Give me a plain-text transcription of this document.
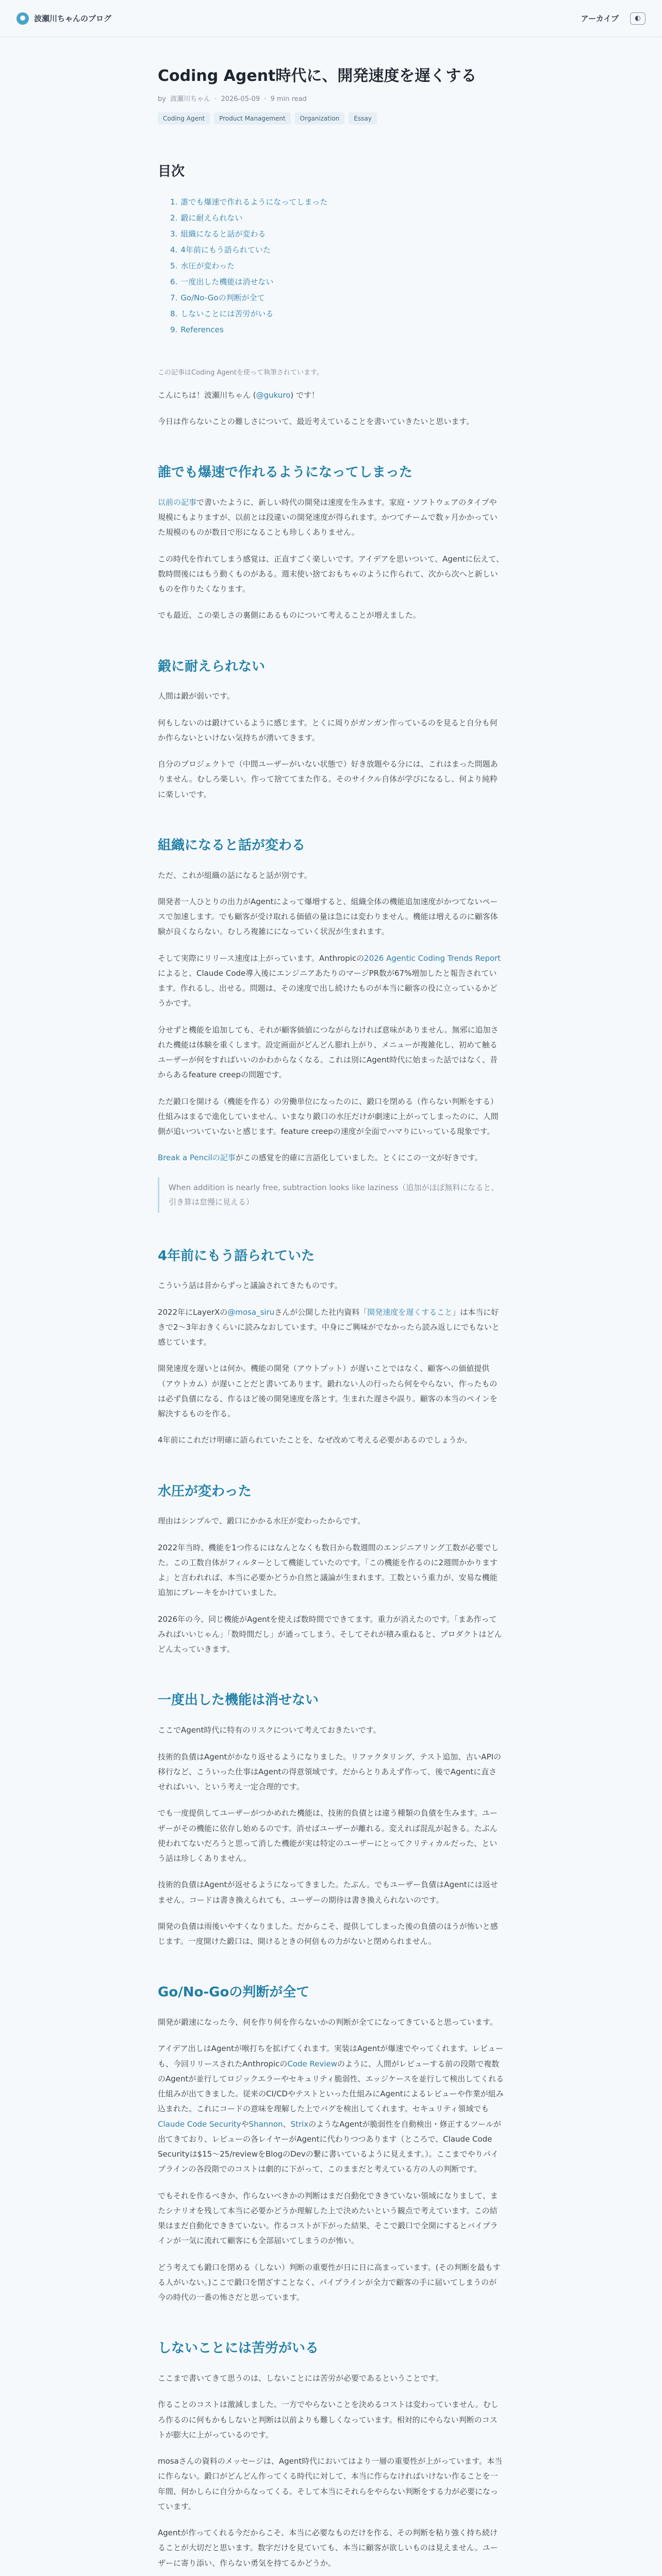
波瀬川ちゃんのブログ	アーカイブ ◐
Coding Agent時代に、開発速度を遅くする
by 波瀬川ちゃん · 2026-05-09 · 9 min read
Coding Agent	Product Management	Organization	Essay
目次
1. 誰でも爆速で作れるようになってしまった
2. 鍛に耐えられない
3. 組織になると話が変わる
4. 4年前にもう語られていた
5. 水圧が変わった
6. 一度出した機能は消せない
7. Go/No-Goの判断が全て
8. しないことには苦労がいる
9. References
この記事はCoding Agentを使って執筆されています。

こんにちは！波瀬川ちゃん (@gukuro) です！

今日は作らないことの難しさについて、最近考えていることを書いていきたいと思います。

誰でも爆速で作れるようになってしまった

以前の記事で書いたように、新しい時代の開発は速度を生みます。家庭・ソフトウェアのタイプや規模にもよりますが、以前とは段違いの開発速度が得られます。かつてチームで数ヶ月かかっていた規模のものが数日で形になることも珍しくありません。

この時代を作れてしまう感覚は、正直すごく楽しいです。アイデアを思いついて、Agentに伝えて、数時間後にはもう動くものがある。週末使い捨ておもちゃのように作られて、次から次へと新しいものを作りたくなります。

でも最近、この楽しさの裏側にあるものについて考えることが増えました。

鍛に耐えられない

人間は鍛が弱いです。

何もしないのは鍛けているように感じます。とくに周りがガンガン作っているのを見ると自分も何か作らないといけない気持ちが湧いてきます。

自分のプロジェクトで（中間ユーザーがいない状態で）好き放題やる分には、これはまった問題ありません。むしろ楽しい。作って捨ててまた作る。そのサイクル自体が学びになるし、何より純粋に楽しいです。

組織になると話が変わる

ただ、これが組織の話になると話が別です。

開発者一人ひとりの出力がAgentによって爆増すると、組織全体の機能追加速度がかつてないペースで加速します。でも顧客が受け取れる価値の量は急には変わりません。機能は増えるのに顧客体験が良くならない。むしろ複雑にになっていく状況が生まれます。

そして実際にリリース速度は上がっています。Anthropicの2026 Agentic Coding Trends Reportによると、Claude Code導入後にエンジニアあたりのマージPR数が67%増加したと報告されています。作れるし、出せる。問題は、その速度で出し続けたものが本当に顧客の役に立っているかどうかです。

分せずと機能を追加しても、それが顧客価値につながらなければ意味がありません。無邪に追加された機能は体験を重くします。設定画面がどんどん膨れ上がり、メニューが複雑化し、初めて触るユーザーが何をすればいいのかわからなくなる。これは別にAgent時代に始まった話ではなく、昔からあるfeature creepの問題です。

ただ鍛口を開ける（機能を作る）の労働単位になったのに、鍛口を閉める（作らない判断をする）仕組みはまるで進化していません。いまなり鍛口の水圧だけが劇速に上がってしまったのに、人間側が追いついていないと感じます。feature creepの速度が全面でハマりにいっている現象です。

Break a Pencilの記事がこの感覚を的確に言語化していました。とくにこの一文が好きです。

When addition is nearly free, subtraction looks like laziness（追加がほぼ無料になると、引き算は怠慢に見える）
4年前にもう語られていた

こういう話は昔からずっと議論されてきたものです。

2022年にLayerXの@mosa_siruさんが公開した社内資料「開発速度を遅くすること」は本当に好きで2〜3年おきくらいに読みなおしています。中身にご興味がでなかったら読み返しにでもないと感じています。

開発速度を遅いとは何か。機能の開発（アウトプット）が遅いことではなく、顧客への価値提供（アウトカム）が遅いことだと書いてあります。鍛れない人の行ったら何をやらない、作ったものは必ず負債になる、作るほど後の開発速度を落とす。生まれた遅さや誤り。顧客の本当のペインを解決するものを作る。

4年前にこれだけ明確に語られていたことを、なぜ改めて考える必要があるのでしょうか。

水圧が変わった

理由はシンプルで、鍛口にかかる水圧が変わったからです。

2022年当時、機能を1つ作るにはなんとなくも数日から数週間のエンジニアリング工数が必要でした。この工数自体がフィルターとして機能していたのです。「この機能を作るのに2週間かかりますよ」と言われれば、本当に必要かどうか自然と議論が生まれます。工数という重力が、安易な機能追加にブレーキをかけていました。

2026年の今、同じ機能がAgentを使えば数時間でできてます。重力が消えたのです。「まあ作ってみればいいじゃん」「数時間だし」が通ってしまう。そしてそれが積み重ねると、プロダクトはどんどん太っていきます。

一度出した機能は消せない

ここでAgent時代に特有のリスクについて考えておきたいです。

技術的負債はAgentがかなり返せるようになりました。リファクタリング、テスト追加、古いAPIの移行など、こういった仕事はAgentの得意領域です。だからとりあえず作って、後でAgentに直させればいい、という考え一定合理的です。

でも一度提供してユーザーがつかめれた機能は、技術的負債とは違う種類の負債を生みます。ユーザーがその機能に依存し始めるのです。消せばユーザーが離れる。変えれば混乱が起きる。たぶん使われてないだろうと思って消した機能が実は特定のユーザーにとってクリティカルだった、という話は珍しくありません。

技術的負債はAgentが返せるようになってきました。たぶん。でもユーザー負債はAgentには返せません。コードは書き換えられても、ユーザーの期待は書き換えられないのです。

開発の負債は雨後いやすくなりました。だからこそ、提供してしまった後の負債のほうが怖いと感じます。一度開けた鍛口は、開けるときの何倍もの力がないと閉められません。

Go/No-Goの判断が全て

開発が鍛速になった今、何を作り何を作らないかの判断が全てになってきていると思っています。

アイデア出しはAgentが喉打ちを拡げてくれます。実装はAgentが爆速でやってくれます。レビューも、今回リリースされたAnthropicのCode Reviewのように、人間がレビューする前の段階で複数のAgentが並行してロジックエラーやセキュリティ脆弱性、エッジケースを並行して検出してくれる仕組みが出てきました。従来のCI/CDやテストといった仕組みにAgentによるレビューや作業が組み込まれた。これにコードの意味を理解した上でバグを検出してくれます。セキュリティ領域でもClaude Code SecurityやShannon、StrixのようなAgentが脆弱性を自動検出・修正するツールが出てきており、レビューの各レイヤーがAgentに代わりつつあります（ところで、Claude Code Securityは$15〜25/reviewをBlogのDevの繋に書いているように見えます。）。ここまでやりパイプラインの各段階でのコストは劇的に下がって、このままだと考えている方の人の判断です。

でもそれを作るべきか、作らないべきかの判断はまだ自動化でききていない領域になりまして、またシナリオを残して本当に必要かどうか理解した上で決めたいという観点で考えています。この結果はまだ自動化でききていない。作るコストが下がった結果、そこで鍛口で全開にするとバイプラインが一気に流れて顧客にも全部届いてしまうのが怖い。

どう考えても鍛口を閉める（しない）判断の重要性が日に日に高まっています。(その判断を最もする人がいない。)ここで鍛口を閉ざすことなく、パイプラインが全力で顧客の手に届いてしまうのが今の時代の一番の怖さだと思っています。

しないことには苦労がいる

ここまで書いてきて思うのは、しないことには苦労が必要であるということです。

作ることのコストは激減しました。一方でやらないことを決めるコストは変わっていません。むしろ作るのに何もかもしないと判断は以前よりも難しくなっています。相対的にやらない判断のコストが膨大に上がっているのです。

mosaさんの資料のメッセージは、Agent時代においてはより一層の重要性が上がっています。本当に作らない。鍛口がどんどん作ってくる時代に対して、本当に作らなければいけない作ることを一年間、何かしらに自分からなってくる。そして本当にそれらをやらない判断をする力が必要になっています。

Agentが作ってくれる今だからこそ、本当に必要なものだけを作る、その判断を粘り強く持ち続けることが大切だと思います。数字だけを見ていても、本当に顧客が欲しいものは見えません。ユーザーに寄り添い、作らない勇気を持てるかどうか。
